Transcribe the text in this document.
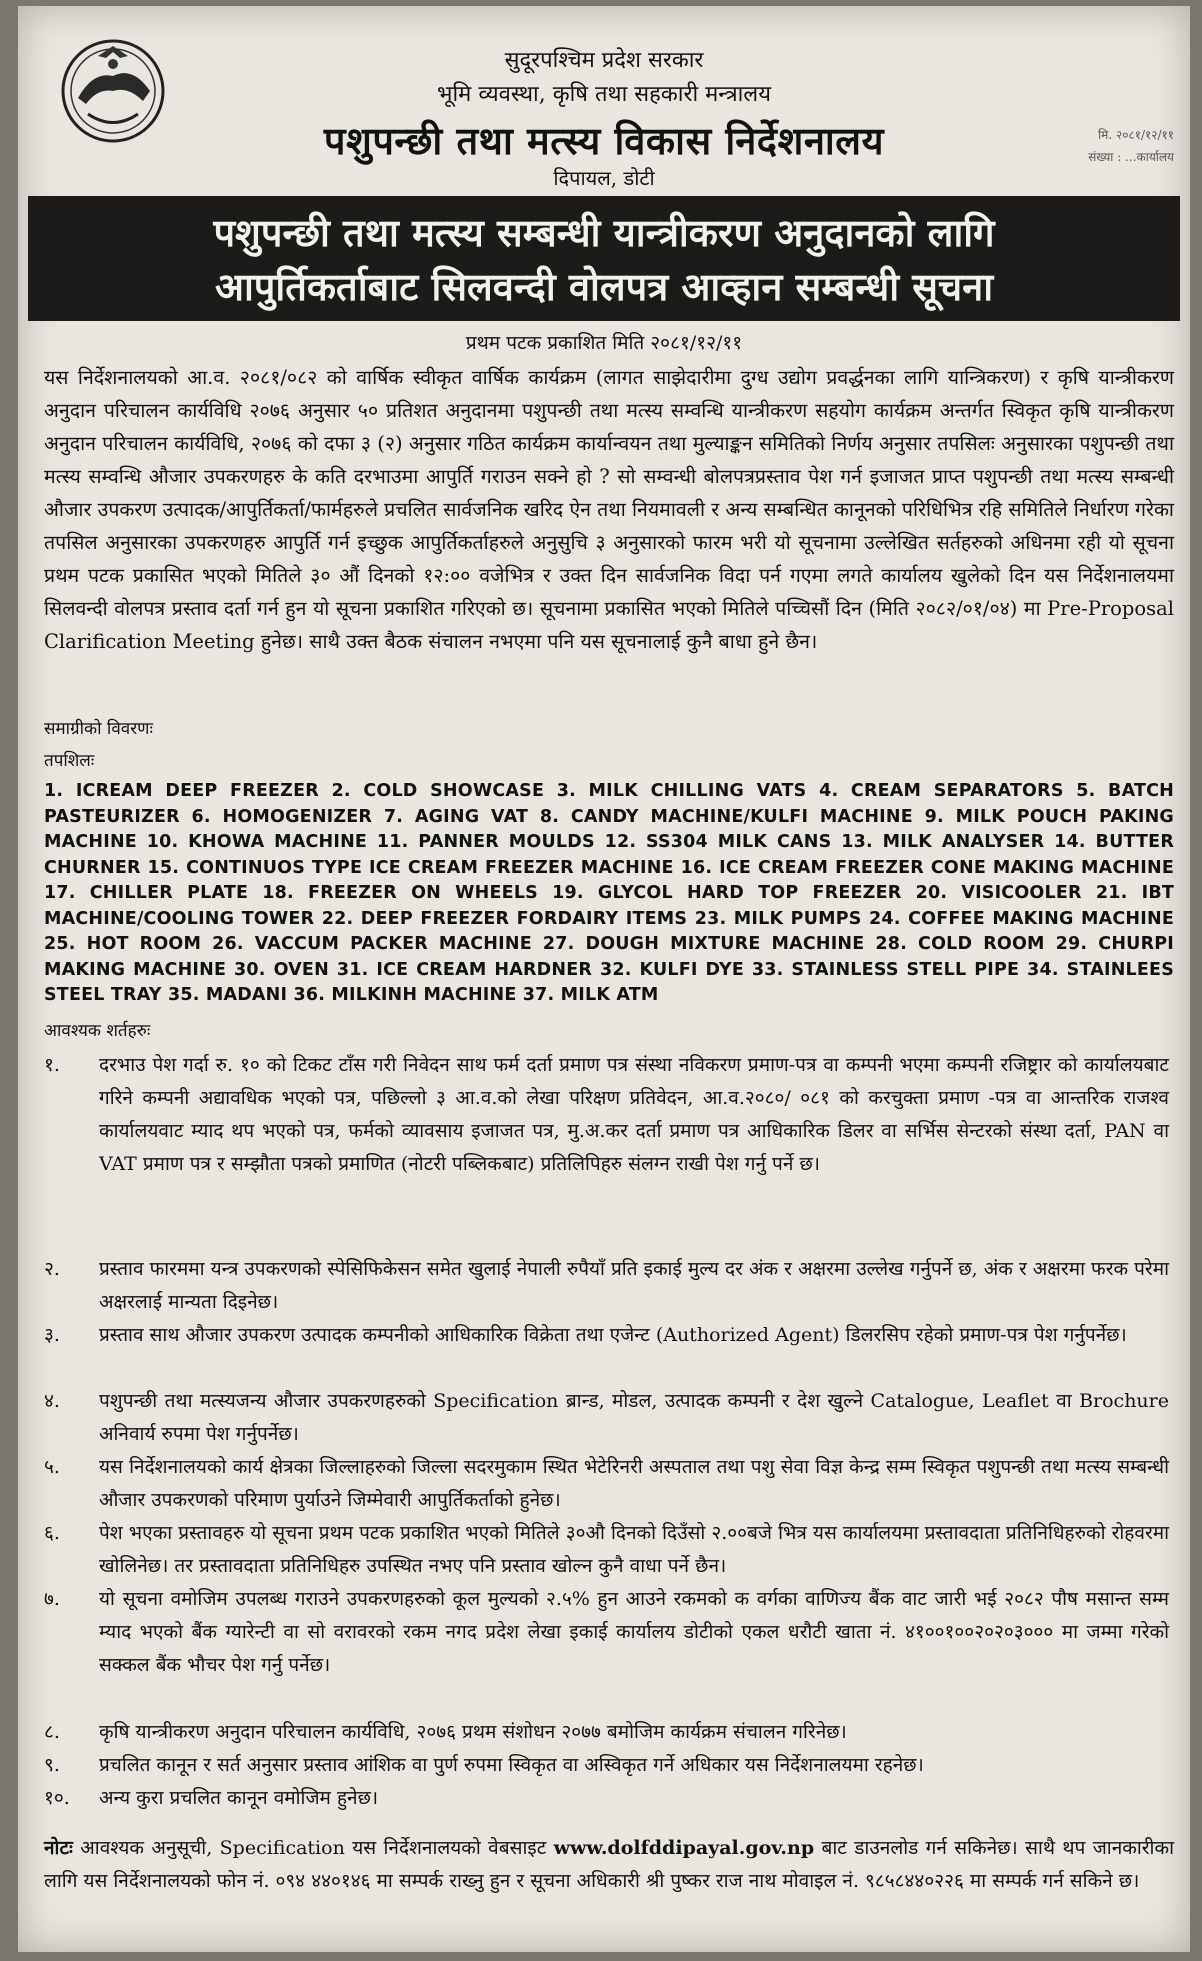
सुदूरपश्चिम प्रदेश सरकार
भूमि व्यवस्था, कृषि तथा सहकारी मन्त्रालय
पशुपन्छी तथा मत्स्य विकास निर्देशनालय
दिपायल, डोटी
मि. २०८१/१२/११
संख्या : ...कार्यालय
पशुपन्छी तथा मत्स्य सम्बन्धी यान्त्रीकरण अनुदानको लागि
आपुर्तिकर्ताबाट सिलवन्दी वोलपत्र आव्हान सम्बन्धी सूचना
प्रथम पटक प्रकाशित मिति २०८१/१२/११
यस निर्देशनालयको आ.व. २०८१/०८२ को वार्षिक स्वीकृत वार्षिक कार्यक्रम (लागत साझेदारीमा दुग्ध उद्योग प्रवर्द्धनका लागि यान्त्रिकरण) र कृषि यान्त्रीकरण अनुदान परिचालन कार्यविधि २०७६ अनुसार ५० प्रतिशत अनुदानमा पशुपन्छी तथा मत्स्य सम्वन्धि यान्त्रीकरण सहयोग कार्यक्रम अन्तर्गत स्विकृत कृषि यान्त्रीकरण अनुदान परिचालन कार्यविधि, २०७६ को दफा ३ (२) अनुसार गठित कार्यक्रम कार्यान्वयन तथा मुल्याङ्कन समितिको निर्णय अनुसार तपसिलः अनुसारका पशुपन्छी तथा मत्स्य सम्वन्धि औजार उपकरणहरु के कति दरभाउमा आपुर्ति गराउन सक्ने हो ? सो सम्वन्धी बोलपत्रप्रस्ताव पेश गर्न इजाजत प्राप्त पशुपन्छी तथा मत्स्य सम्बन्धी औजार उपकरण उत्पादक/आपुर्तिकर्ता/फार्महरुले प्रचलित सार्वजनिक खरिद ऐन तथा नियमावली र अन्य सम्बन्धित कानूनको परिधिभित्र रहि समितिले निर्धारण गरेका तपसिल अनुसारका उपकरणहरु आपुर्ति गर्न इच्छुक आपुर्तिकर्ताहरुले अनुसुचि ३ अनुसारको फारम भरी यो सूचनामा उल्लेखित सर्तहरुको अधिनमा रही यो सूचना प्रथम पटक प्रकासित भएको मितिले ३० औं दिनको १२:०० वजेभित्र र उक्त दिन सार्वजनिक विदा पर्न गएमा लगते कार्यालय खुलेको दिन यस निर्देशनालयमा सिलवन्दी वोलपत्र प्रस्ताव दर्ता गर्न हुन यो सूचना प्रकाशित गरिएको छ। सूचनामा प्रकासित भएको मितिले पच्चिसौं दिन (मिति २०८२/०१/०४) मा Pre-Proposal Clarification Meeting हुनेछ। साथै उक्त बैठक संचालन नभएमा पनि यस सूचनालाई कुनै बाधा हुने छैन।
समाग्रीको विवरणः
तपशिलः
1. ICREAM DEEP FREEZER 2. COLD SHOWCASE 3. MILK CHILLING VATS 4. CREAM SEPARATORS 5. BATCH PASTEURIZER 6. HOMOGENIZER 7. AGING VAT 8. CANDY MACHINE/KULFI MACHINE 9. MILK POUCH PAKING MACHINE 10. KHOWA MACHINE 11. PANNER MOULDS 12. SS304 MILK CANS 13. MILK ANALYSER 14. BUTTER CHURNER 15. CONTINUOS TYPE ICE CREAM FREEZER MACHINE 16. ICE CREAM FREEZER CONE MAKING MACHINE 17. CHILLER PLATE 18. FREEZER ON WHEELS 19. GLYCOL HARD TOP FREEZER 20. VISICOOLER 21. IBT MACHINE/COOLING TOWER 22. DEEP FREEZER FORDAIRY ITEMS 23. MILK PUMPS 24. COFFEE MAKING MACHINE 25. HOT ROOM 26. VACCUM PACKER MACHINE 27. DOUGH MIXTURE MACHINE 28. COLD ROOM 29. CHURPI MAKING MACHINE 30. OVEN 31. ICE CREAM HARDNER 32. KULFI DYE 33. STAINLESS STELL PIPE 34. STAINLEES STEEL TRAY 35. MADANI 36. MILKINH MACHINE 37. MILK ATM
आवश्यक शर्तहरुः
१.	दरभाउ पेश गर्दा रु. १० को टिकट टाँस गरी निवेदन साथ फर्म दर्ता प्रमाण पत्र संस्था नविकरण प्रमाण-पत्र वा कम्पनी भएमा कम्पनी रजिष्ट्रार को कार्यालयबाट गरिने कम्पनी अद्यावधिक भएको पत्र, पछिल्लो ३ आ.व.को लेखा परिक्षण प्रतिवेदन, आ.व.२०८०/ ०८१ को करचुक्ता प्रमाण -पत्र वा आन्तरिक राजश्व कार्यालयवाट म्याद थप भएको पत्र, फर्मको व्यावसाय इजाजत पत्र, मु.अ.कर दर्ता प्रमाण पत्र आधिकारिक डिलर वा सर्भिस सेन्टरको संस्था दर्ता, PAN वा VAT प्रमाण पत्र र सम्झौता पत्रको प्रमाणित (नोटरी पब्लिकबाट) प्रतिलिपिहरु संलग्न राखी पेश गर्नु पर्ने छ।
२.	प्रस्ताव फारममा यन्त्र उपकरणको स्पेसिफिकेसन समेत खुलाई नेपाली रुपैयाँ प्रति इकाई मुल्य दर अंक र अक्षरमा उल्लेख गर्नुपर्ने छ, अंक र अक्षरमा फरक परेमा अक्षरलाई मान्यता दिइनेछ।
३.	प्रस्ताव साथ औजार उपकरण उत्पादक कम्पनीको आधिकारिक विक्रेता तथा एजेन्ट (Authorized Agent) डिलरसिप रहेको प्रमाण-पत्र पेश गर्नुपर्नेछ।
४.	पशुपन्छी तथा मत्स्यजन्य औजार उपकरणहरुको Specification ब्रान्ड, मोडल, उत्पादक कम्पनी र देश खुल्ने Catalogue, Leaflet वा Brochure अनिवार्य रुपमा पेश गर्नुपर्नेछ।
५.	यस निर्देशनालयको कार्य क्षेत्रका जिल्लाहरुको जिल्ला सदरमुकाम स्थित भेटेरिनरी अस्पताल तथा पशु सेवा विज्ञ केन्द्र सम्म स्विकृत पशुपन्छी तथा मत्स्य सम्बन्धी औजार उपकरणको परिमाण पुर्याउने जिम्मेवारी आपुर्तिकर्ताको हुनेछ।
६.	पेश भएका प्रस्तावहरु यो सूचना प्रथम पटक प्रकाशित भएको मितिले ३०औ दिनको दिउँसो २.००बजे भित्र यस कार्यालयमा प्रस्तावदाता प्रतिनिधिहरुको रोहवरमा खोलिनेछ। तर प्रस्तावदाता प्रतिनिधिहरु उपस्थित नभए पनि प्रस्ताव खोल्न कुनै वाधा पर्ने छैन।
७.	यो सूचना वमोजिम उपलब्ध गराउने उपकरणहरुको कूल मुल्यको २.५% हुन आउने रकमको क वर्गका वाणिज्य बैंक वाट जारी भई २०८२ पौष मसान्त सम्म म्याद भएको बैंक ग्यारेन्टी वा सो वरावरको रकम नगद प्रदेश लेखा इकाई कार्यालय डोटीको एकल धरौटी खाता नं. ४१००१००२०२०३००० मा जम्मा गरेको सक्कल बैंक भौचर पेश गर्नु पर्नेछ।
८.	कृषि यान्त्रीकरण अनुदान परिचालन कार्यविधि, २०७६ प्रथम संशोधन २०७७ बमोजिम कार्यक्रम संचालन गरिनेछ।
९.	प्रचलित कानून र सर्त अनुसार प्रस्ताव आंशिक वा पुर्ण रुपमा स्विकृत वा अस्विकृत गर्ने अधिकार यस निर्देशनालयमा रहनेछ।
१०.	अन्य कुरा प्रचलित कानून वमोजिम हुनेछ।
नोटः आवश्यक अनुसूची, Specification यस निर्देशनालयको वेबसाइट www.dolfddipayal.gov.np बाट डाउनलोड गर्न सकिनेछ। साथै थप जानकारीका लागि यस निर्देशनालयको फोन नं. ०९४ ४४०१४६ मा सम्पर्क राख्नु हुन र सूचना अधिकारी श्री पुष्कर राज नाथ मोवाइल नं. ९८५८४४०२२६ मा सम्पर्क गर्न सकिने छ।
